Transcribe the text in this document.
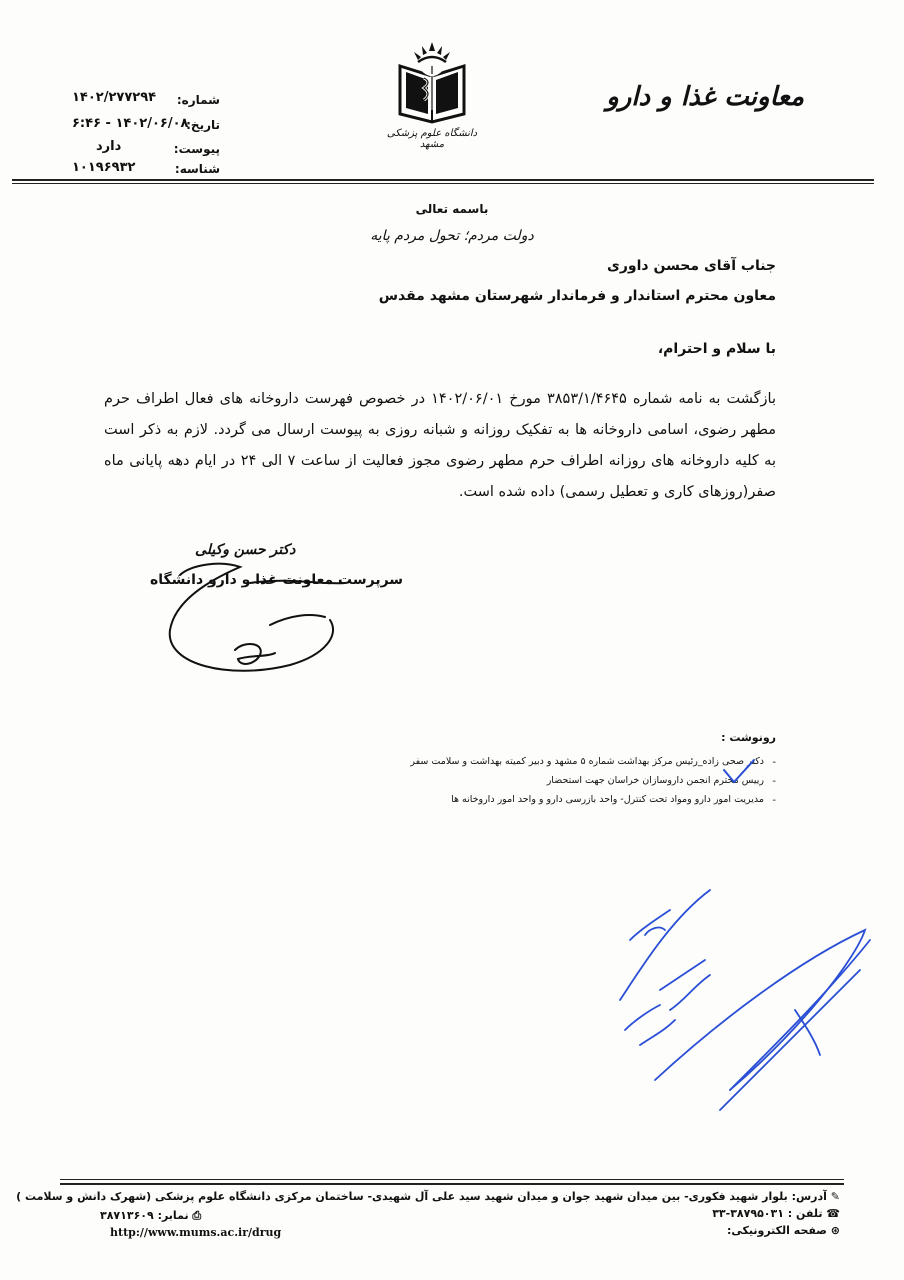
معاونت غذا و دارو
دانشگاه علوم پزشکی مشهد
شماره:
۱۴۰۲/۲۷۷۲۹۴
تاریخ:
۱۴۰۲/۰۶/۰۸ - ۶:۴۶
پیوست:
دارد
شناسه:
۱۰۱۹۶۹۳۲
باسمه تعالی
دولت مردم؛ تحول مردم پایه
جناب آقای محسن داوری
معاون محترم استاندار و فرماندار شهرستان مشهد مقدس
با سلام و احترام،
بازگشت به نامه شماره ۳۸۵۳/۱/۴۶۴۵ مورخ ۱۴۰۲/۰۶/۰۱ در خصوص فهرست داروخانه های فعال اطراف حرم مطهر رضوی، اسامی داروخانه ها به تفکیک روزانه و شبانه روزی به پیوست ارسال می گردد. لازم به ذکر است به کلیه داروخانه های روزانه اطراف حرم مطهر رضوی مجوز فعالیت از ساعت ۷ الی ۲۴ در ایام دهه پایانی ماه صفر(روزهای کاری و تعطیل رسمی) داده شده است.
دکتر حسن وکیلی
سرپرست معاونت غذا و دارو دانشگاه
رونوشت :
-
دکتر صحی زاده_رئیس مرکز بهداشت شماره ۵ مشهد و دبیر کمیته بهداشت و سلامت سفر
-
رییس محترم انجمن داروسازان خراسان جهت استحضار
-
مدیریت امور دارو ومواد تحت کنترل- واحد بازرسی دارو و واحد امور داروخانه ها
✎ آدرس: بلوار شهید فکوری- بین میدان شهید جوان و میدان شهید سید علی آل شهیدی- ساختمان مرکزی دانشگاه علوم پزشکی (شهرک دانش و سلامت )
☎ تلفن : ۳۸۷۹۵۰۳۱-۳۳
⎙ نمابر: ۳۸۷۱۳۶۰۹
⊛ صفحه الکترونیکی:
http://www.mums.ac.ir/drug
